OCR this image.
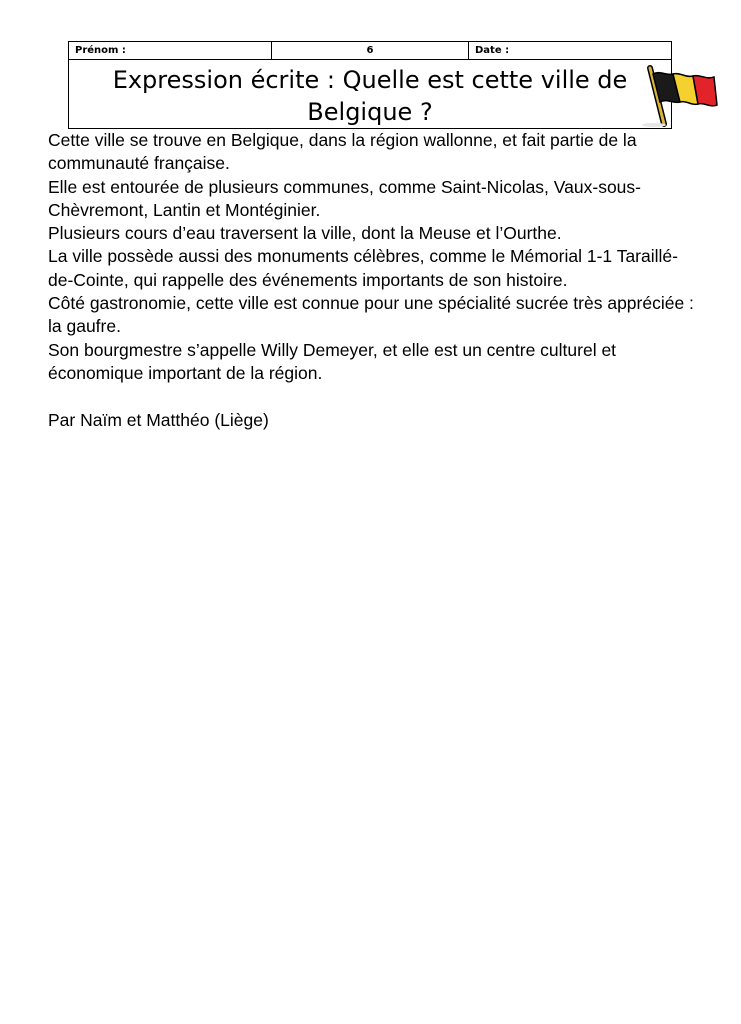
Prénom :	6	Date :
Expression écrite : Quelle est cette ville de Belgique ?

Cette ville se trouve en Belgique, dans la région wallonne, et fait partie de la communauté française.

Elle est entourée de plusieurs communes, comme Saint-Nicolas, Vaux-sous-Chèvremont, Lantin et Montéginier.

Plusieurs cours d’eau traversent la ville, dont la Meuse et l’Ourthe.

La ville possède aussi des monuments célèbres, comme le Mémorial 1-1 Taraillé-de-Cointe, qui rappelle des événements importants de son histoire.

Côté gastronomie, cette ville est connue pour une spécialité sucrée très appréciée : la gaufre.

Son bourgmestre s’appelle Willy Demeyer, et elle est un centre culturel et économique important de la région.

Par Naïm et Matthéo (Liège)
